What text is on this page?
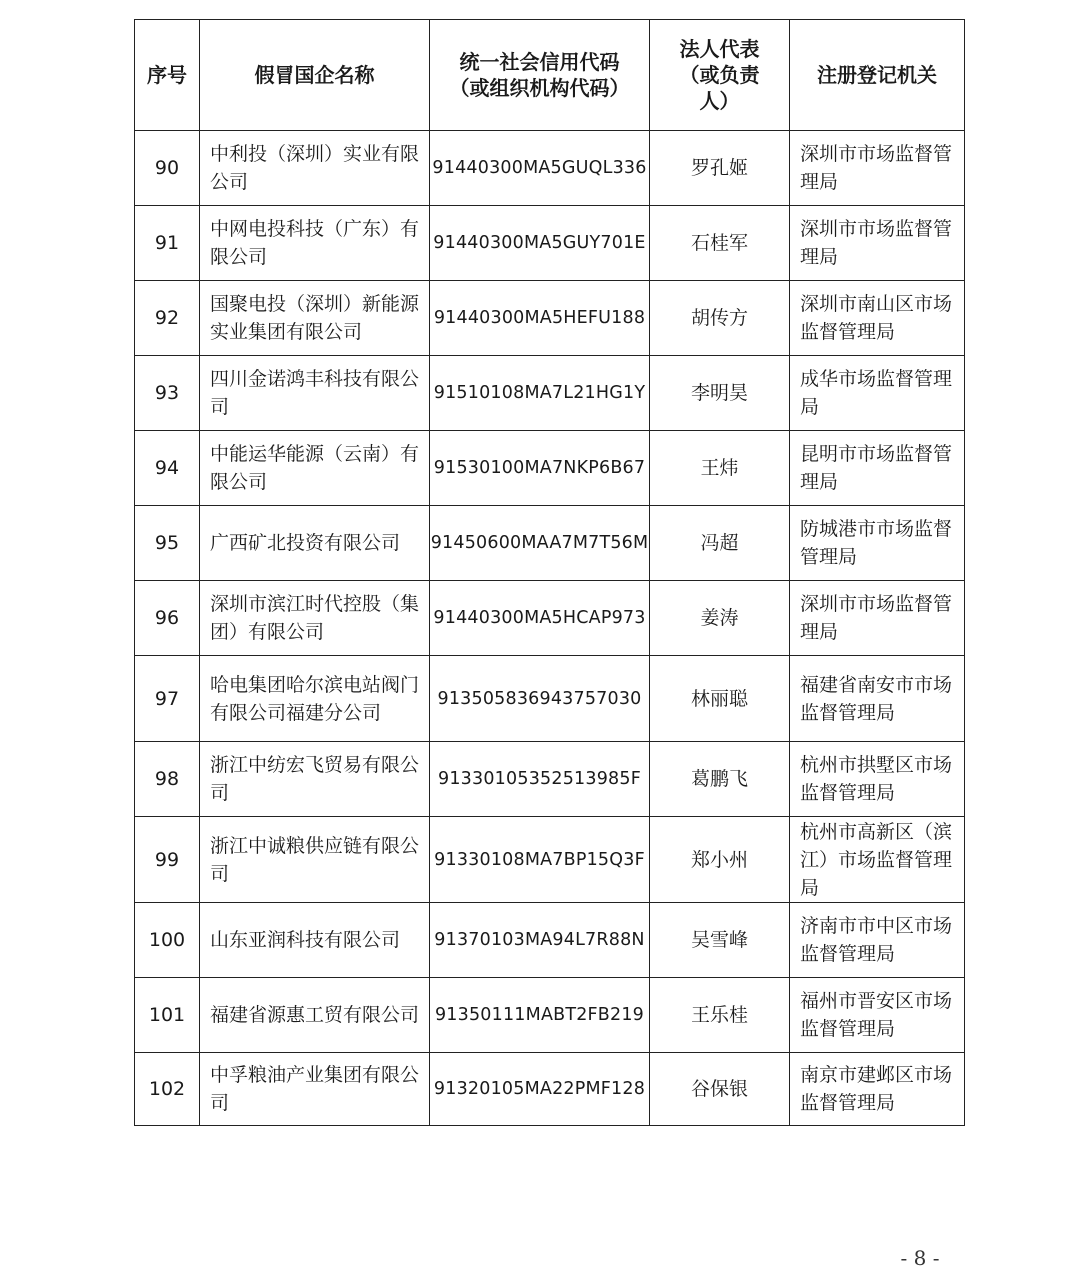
序号	假冒国企名称	统一社会信用代码（或组织机构代码）	法人代表（或负责人）	注册登记机关
90	中利投（深圳）实业有限公司	91440300MA5GUQL336	罗孔姬	深圳市市场监督管理局
91	中网电投科技（广东）有限公司	91440300MA5GUY701E	石桂军	深圳市市场监督管理局
92	国聚电投（深圳）新能源实业集团有限公司	91440300MA5HEFU188	胡传方	深圳市南山区市场监督管理局
93	四川金诺鸿丰科技有限公司	91510108MA7L21HG1Y	李明昊	成华市场监督管理局
94	中能运华能源（云南）有限公司	91530100MA7NKP6B67	王炜	昆明市市场监督管理局
95	广西矿北投资有限公司	91450600MAA7M7T56M	冯超	防城港市市场监督管理局
96	深圳市滨江时代控股（集团）有限公司	91440300MA5HCAP973	姜涛	深圳市市场监督管理局
97	哈电集团哈尔滨电站阀门有限公司福建分公司	913505836943757030	林丽聪	福建省南安市市场监督管理局
98	浙江中纺宏飞贸易有限公司	91330105352513985F	葛鹏飞	杭州市拱墅区市场监督管理局
99	浙江中诚粮供应链有限公司	91330108MA7BP15Q3F	郑小州	杭州市高新区（滨江）市场监督管理局
100	山东亚润科技有限公司	91370103MA94L7R88N	吴雪峰	济南市市中区市场监督管理局
101	福建省源惠工贸有限公司	91350111MABT2FB219	王乐桂	福州市晋安区市场监督管理局
102	中孚粮油产业集团有限公司	91320105MA22PMF128	谷保银	南京市建邺区市场监督管理局
- 8 -
